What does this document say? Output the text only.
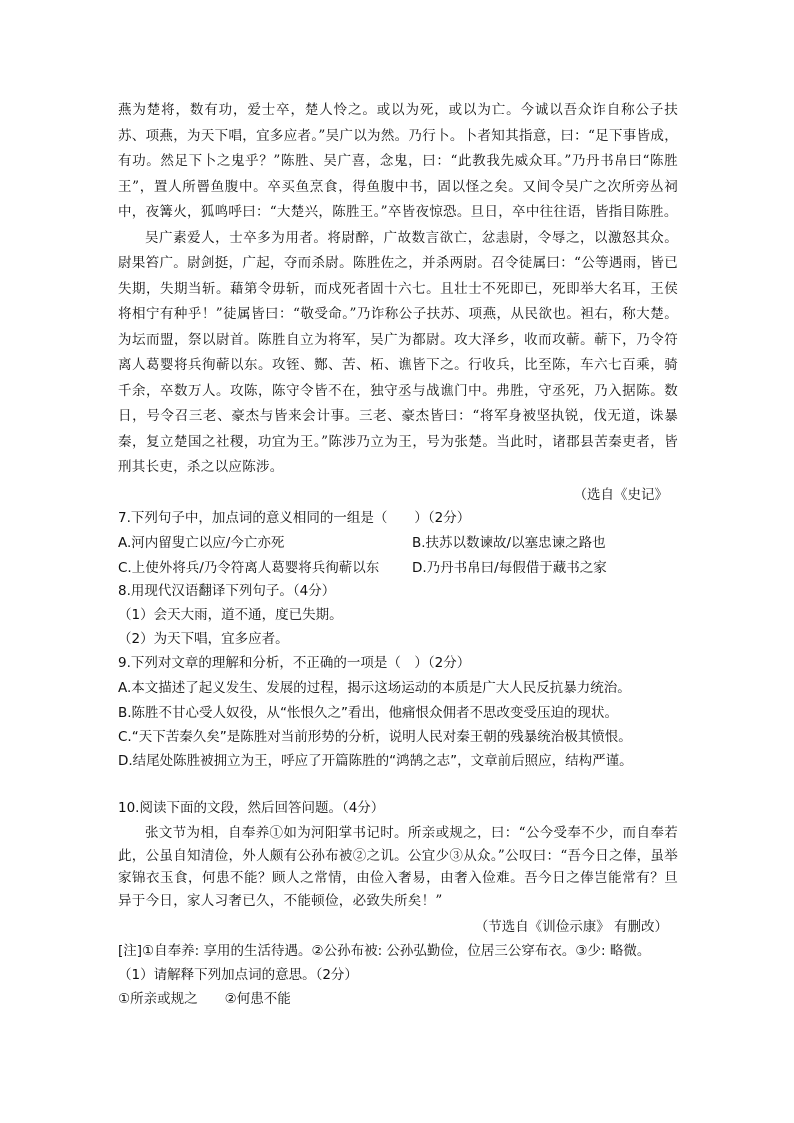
燕为楚将，数有功，爱士卒，楚人怜之。或以为死，或以为亡。今诚以吾众诈自称公子扶苏、项燕，为天下唱，宜多应者。”吴广以为然。乃行卜。卜者知其指意，曰：“足下事皆成，有功。然足下卜之鬼乎？”陈胜、吴广喜，念鬼，曰：“此教我先威众耳。”乃丹书帛曰“陈胜王”，置人所罾鱼腹中。卒买鱼烹食，得鱼腹中书，固以怪之矣。又间令吴广之次所旁丛祠中，夜篝火，狐鸣呼曰：“大楚兴，陈胜王。”卒皆夜惊恐。旦日，卒中往往语，皆指目陈胜。

吴广素爱人，士卒多为用者。将尉醉，广故数言欲亡，忿恚尉，令辱之，以激怒其众。尉果笞广。尉剑挺，广起，夺而杀尉。陈胜佐之，并杀两尉。召令徒属曰：“公等遇雨，皆已失期，失期当斩。藉第令毋斩，而戍死者固十六七。且壮士不死即已，死即举大名耳，王侯将相宁有种乎！”徒属皆曰：“敬受命。”乃诈称公子扶苏、项燕，从民欲也。袒右，称大楚。为坛而盟，祭以尉首。陈胜自立为将军，吴广为都尉。攻大泽乡，收而攻蕲。蕲下，乃令符离人葛婴将兵徇蕲以东。攻铚、酂、苦、柘、谯皆下之。行收兵，比至陈，车六七百乘，骑千余，卒数万人。攻陈，陈守令皆不在，独守丞与战谯门中。弗胜，守丞死，乃入据陈。数日，号令召三老、豪杰与皆来会计事。三老、豪杰皆曰：“将军身被坚执锐，伐无道，诛暴秦，复立楚国之社稷，功宜为王。”陈涉乃立为王，号为张楚。当此时，诸郡县苦秦吏者，皆刑其长吏，杀之以应陈涉。

（选自《史记》
7.下列句子中，加点词的意义相同的一组是（　　）（2分）
A.河内留叟亡以应/今亡亦死	B.扶苏以数谏故/以塞忠谏之路也
C.上使外将兵/乃令符离人葛婴将兵徇蕲以东 D.乃丹书帛曰/每假借于藏书之家
8.用现代汉语翻译下列句子。（4分）
（1）会天大雨，道不通，度已失期。
（2）为天下唱，宜多应者。
9.下列对文章的理解和分析，不正确的一项是（　）（2分）
A.本文描述了起义发生、发展的过程，揭示这场运动的本质是广大人民反抗暴力统治。
B.陈胜不甘心受人奴役，从“怅恨久之”看出，他痛恨众佣者不思改变受压迫的现状。
C.“天下苦秦久矣”是陈胜对当前形势的分析，说明人民对秦王朝的残暴统治极其愤恨。
D.结尾处陈胜被拥立为王，呼应了开篇陈胜的“鸿鹄之志”，文章前后照应，结构严谨。
10.阅读下面的文段，然后回答问题。（4分）

张文节为相，自奉养①如为河阳掌书记时。所亲或规之，曰：“公今受奉不少，而自奉若此，公虽自知清俭，外人颇有公孙布被②之讥。公宜少③从众。”公叹曰：“吾今日之俸，虽举家锦衣玉食，何患不能？顾人之常情，由俭入奢易，由奢入俭难。吾今日之俸岂能常有？旦异于今日，家人习奢已久，不能顿俭，必致失所矣！”

（节选自《训俭示康》 有删改）
[注]①自奉养: 享用的生活待遇。②公孙布被: 公孙弘勤俭，位居三公穿布衣。③少: 略微。
（1）请解释下列加点词的意思。（2分）
①所亲或规之　　②何患不能
